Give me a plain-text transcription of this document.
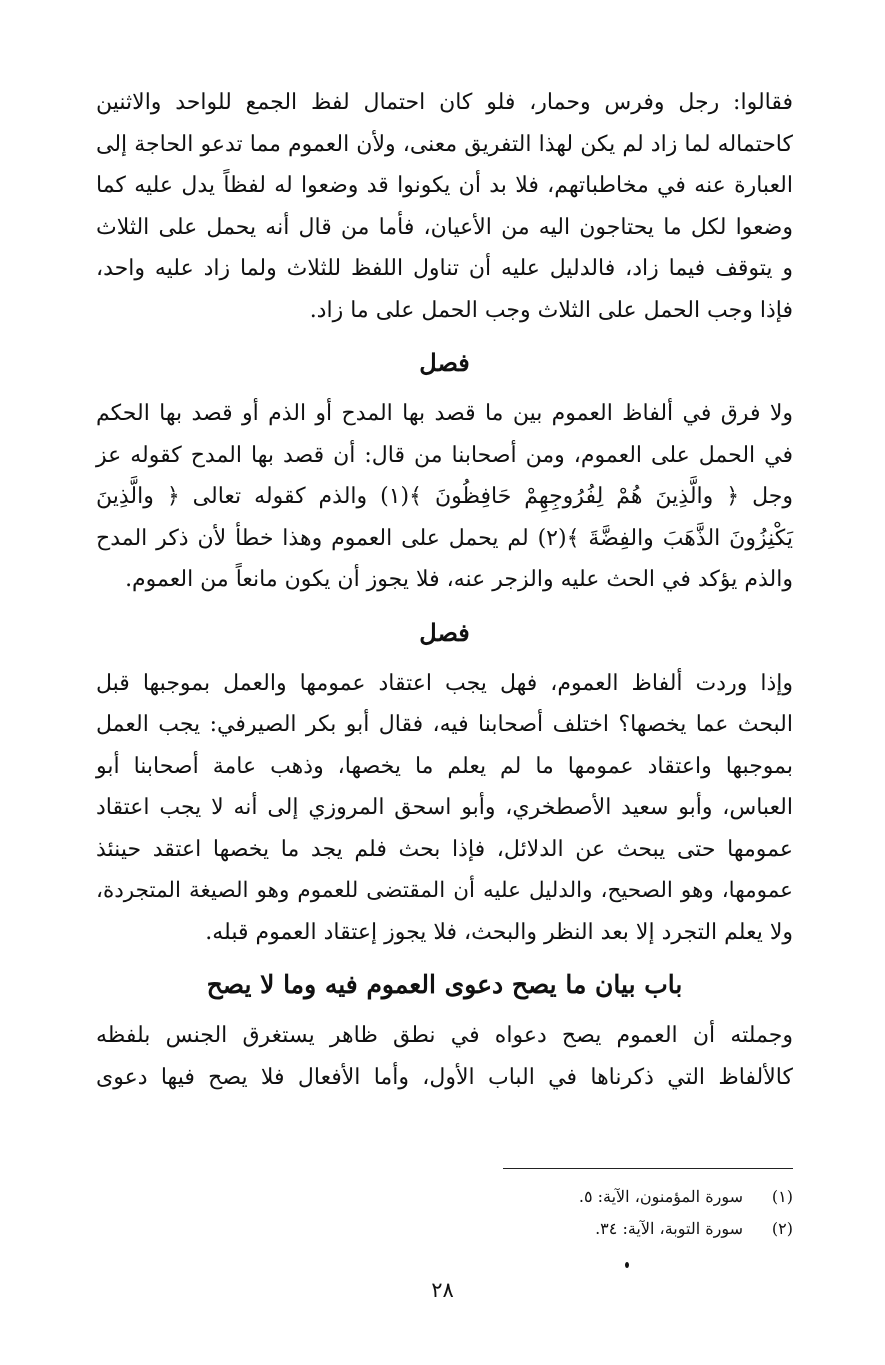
فقالوا: رجل وفرس وحمار، فلو كان احتمال لفظ الجمع للواحد والاثنين
كاحتماله لما زاد لم يكن لهذا التفريق معنى، ولأن العموم مما تدعو الحاجة إلى
العبارة عنه في مخاطباتهم، فلا بد أن يكونوا قد وضعوا له لفظاً يدل عليه كما
وضعوا لكل ما يحتاجون اليه من الأعيان، فأما من قال أنه يحمل على الثلاث
و يتوقف فيما زاد، فالدليل عليه أن تناول اللفظ للثلاث ولما زاد عليه واحد،
فإذا وجب الحمل على الثلاث وجب الحمل على ما زاد.

فصل

ولا فرق في ألفاظ العموم بين ما قصد بها المدح أو الذم أو قصد بها الحكم
في الحمل على العموم، ومن أصحابنا من قال: أن قصد بها المدح كقوله عز
وجل ﴿ والَّذِينَ هُمْ لِفُرُوجِهِمْ حَافِظُونَ ﴾(١) والذم كقوله تعالى ﴿ والَّذِينَ
يَكْنِزُونَ الذَّهَبَ والفِضَّةَ ﴾(٢) لم يحمل على العموم وهذا خطأ لأن ذكر المدح
والذم يؤكد في الحث عليه والزجر عنه، فلا يجوز أن يكون مانعاً من العموم.

فصل

وإذا وردت ألفاظ العموم، فهل يجب اعتقاد عمومها والعمل بموجبها قبل
البحث عما يخصها؟ اختلف أصحابنا فيه، فقال أبو بكر الصيرفي: يجب العمل
بموجبها واعتقاد عمومها ما لم يعلم ما يخصها، وذهب عامة أصحابنا أبو
العباس، وأبو سعيد الأصطخري، وأبو اسحق المروزي إلى أنه لا يجب اعتقاد
عمومها حتى يبحث عن الدلائل، فإذا بحث فلم يجد ما يخصها اعتقد حينئذ
عمومها، وهو الصحيح، والدليل عليه أن المقتضى للعموم وهو الصيغة المتجردة،
ولا يعلم التجرد إلا بعد النظر والبحث، فلا يجوز إعتقاد العموم قبله.

باب بيان ما يصح دعوى العموم فيه وما لا يصح

وجملته أن العموم يصح دعواه في نطق ظاهر يستغرق الجنس بلفظه
كالألفاظ التي ذكرناها في الباب الأول، وأما الأفعال فلا يصح فيها دعوى

(١)
سورة المؤمنون، الآية: ٥.
(٢)
سورة التوبة، الآية: ٣٤.
٢٨
